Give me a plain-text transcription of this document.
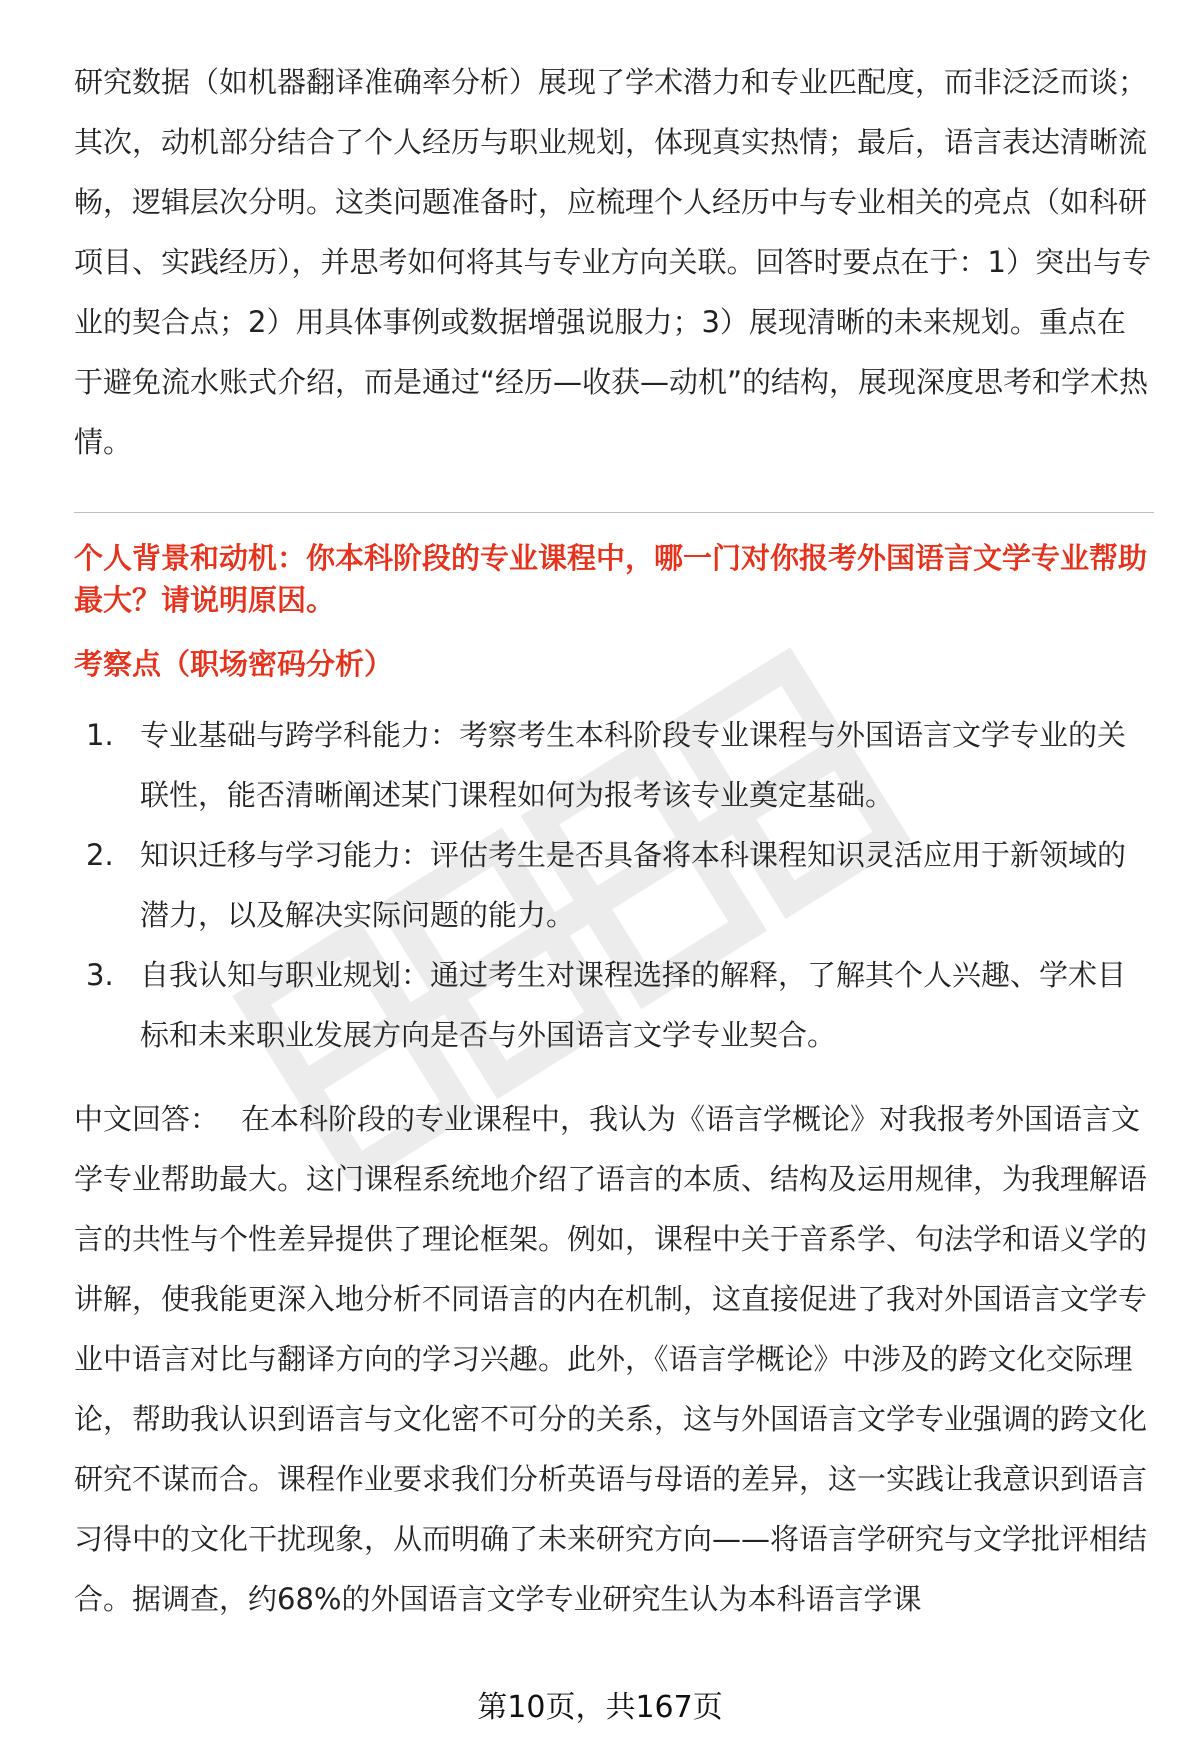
研究数据（如机器翻译准确率分析）展现了学术潜力和专业匹配度，而非泛泛而谈；其次，动机部分结合了个人经历与职业规划，体现真实热情；最后，语言表达清晰流畅，逻辑层次分明。这类问题准备时，应梳理个人经历中与专业相关的亮点（如科研项目、实践经历），并思考如何将其与专业方向关联。回答时要点在于：1）突出与专业的契合点；2）用具体事例或数据增强说服力；3）展现清晰的未来规划。重点在于避免流水账式介绍，而是通过“经历—收获—动机”的结构，展现深度思考和学术热情。

个人背景和动机：你本科阶段的专业课程中，哪一门对你报考外国语言文学专业帮助最大？请说明原因。

考察点（职场密码分析）

1. 专业基础与跨学科能力：考察考生本科阶段专业课程与外国语言文学专业的关联性，能否清晰阐述某门课程如何为报考该专业奠定基础。
2. 知识迁移与学习能力：评估考生是否具备将本科课程知识灵活应用于新领域的潜力，以及解决实际问题的能力。
3. 自我认知与职业规划：通过考生对课程选择的解释，了解其个人兴趣、学术目标和未来职业发展方向是否与外国语言文学专业契合。

中文回答： 在本科阶段的专业课程中，我认为《语言学概论》对我报考外国语言文学专业帮助最大。这门课程系统地介绍了语言的本质、结构及运用规律，为我理解语言的共性与个性差异提供了理论框架。例如，课程中关于音系学、句法学和语义学的讲解，使我能更深入地分析不同语言的内在机制，这直接促进了我对外国语言文学专业中语言对比与翻译方向的学习兴趣。此外，《语言学概论》中涉及的跨文化交际理论，帮助我认识到语言与文化密不可分的关系，这与外国语言文学专业强调的跨文化研究不谋而合。课程作业要求我们分析英语与母语的差异，这一实践让我意识到语言习得中的文化干扰现象，从而明确了未来研究方向——将语言学研究与文学批评相结合。据调查，约68%的外国语言文学专业研究生认为本科语言学课

第10页，共167页
